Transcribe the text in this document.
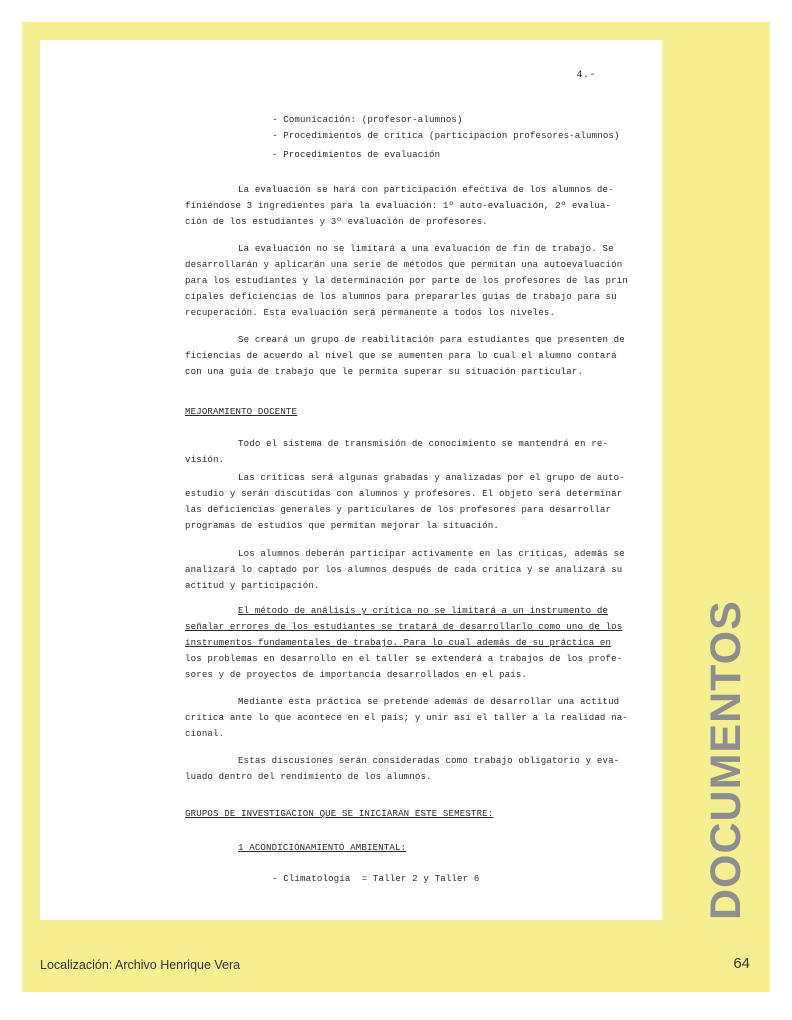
4.-
- Comunicación: (profesor-alumnos)
- Procedimientos de crítica (participacion profesores-alumnos)
- Procedimientos de evaluación
La evaluación se hará con participación efectiva de los alumnos de-
finiéndose 3 ingredientes para la evaluación: 1º auto-evaluación, 2º evalua-
ción de los estudiantes y 3º evaluación de profesores.
La evaluación no se limitará a una evaluación de fin de trabajo. Se
desarrollarán y aplicarán una serie de métodos que permitan una autoevaluación
para los estudiantes y la determinación por parte de los profesores de las prin
cipales deficiencias de los alumnos para prepararles guias de trabajo para su
recuperación. Esta evaluación será permanente a todos los niveles.
Se creará un grupo de reabilitación para estudiantes que presenten de
ficiencias de acuerdo al nivel que se aumenten para lo cual el alumno contará
con una guía de trabajo que le permita superar su situación particular.
MEJORAMIENTO DOCENTE
Todo el sistema de transmisión de conocimiento se mantendrá en re-
visión.
Las críticas será algunas grabadas y analizadas por el grupo de auto-
estudio y serán discutidas con alumnos y profesores. El objeto será determinar
las deficiencias generales y particulares de los profesores para desarrollar
programas de estudios que permitan mejorar la situación.
Los alumnos deberán participar activamente en las críticas, además se
analizará lo captado por los alumnos después de cada critica y se analizará su
actitud y participación.
El método de análisis y crítica no se limitará a un instrumento de
señalar errores de los estudiantes se tratará de desarrollarlo como uno de los
instrumentos fundamentales de trabajo. Para lo cual además de su práctica en
los problemas en desarrollo en el taller se extenderá a trabajos de los profe-
sores y de proyectos de importancia desarrollados en el país.
Mediante esta práctica se pretende además de desarrollar una actitud
crítica ante lo que acontece en el país; y unir así el taller a la realidad na-
cional.
Estas discusiones serán consideradas como trabajo obligatorio y eva-
luado dentro del rendimiento de los alumnos.
GRUPOS DE INVESTIGACION QUE SE INICIARAN ESTE SEMESTRE:
1 ACONDICIONAMIENTO AMBIENTAL:
- Climatología  = Taller 2 y Taller 6	DOCUMENTOS
Localización: Archivo Henrique Vera	64
